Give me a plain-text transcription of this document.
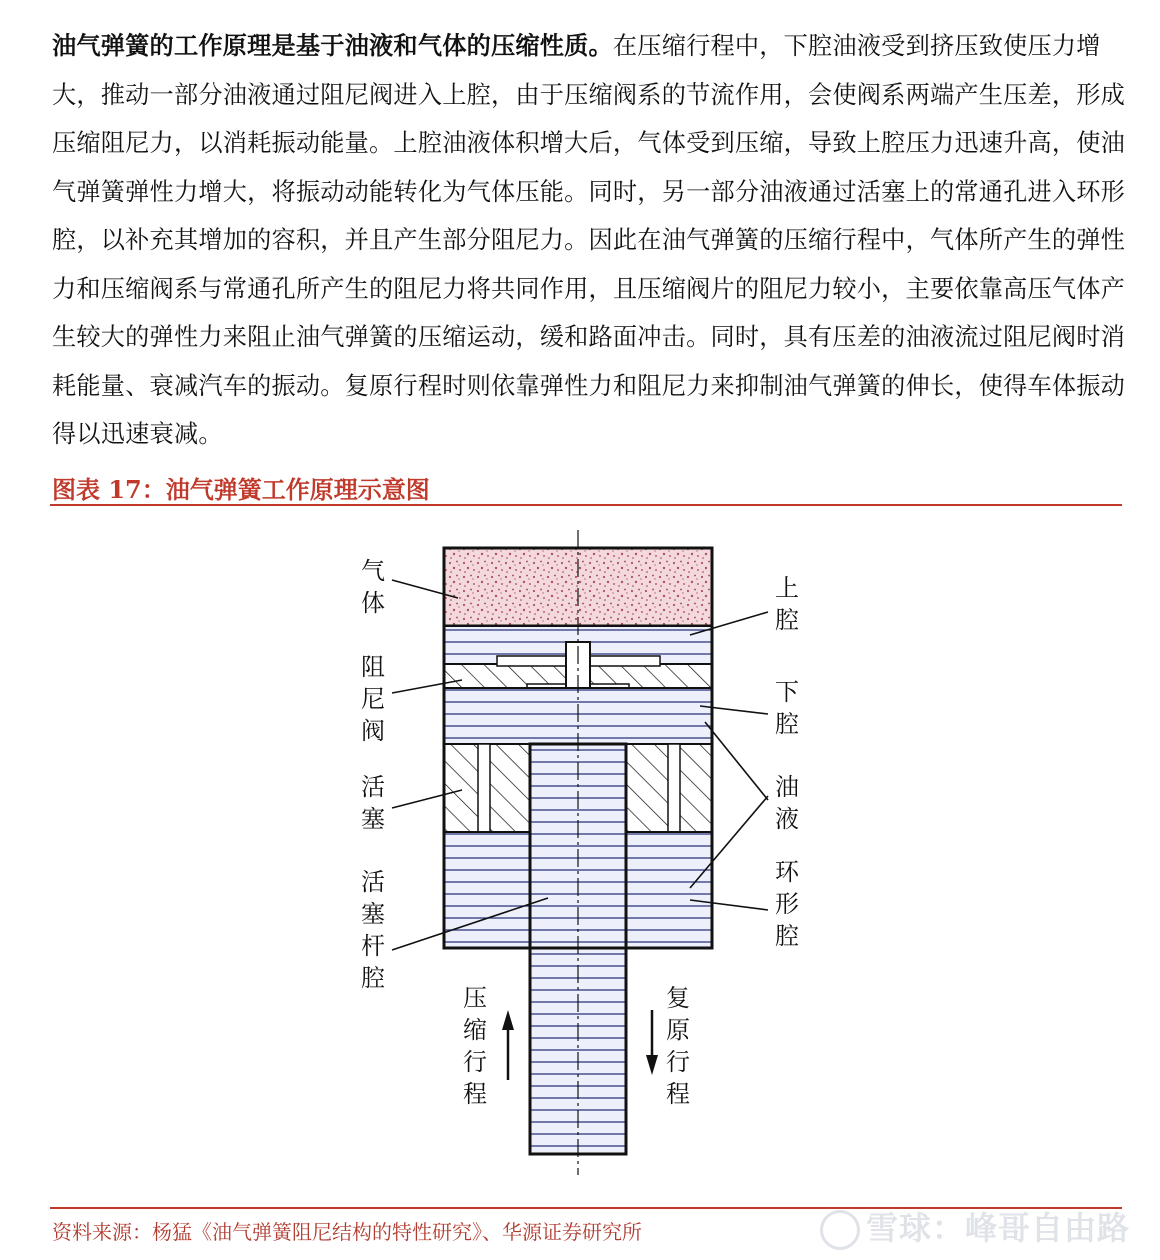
油气弹簧的工作原理是基于油液和气体的压缩性质。在压缩行程中，下腔油液受到挤压致使压力增大，推动一部分油液通过阻尼阀进入上腔，由于压缩阀系的节流作用，会使阀系两端产生压差，形成压缩阻尼力，以消耗振动能量。上腔油液体积增大后，气体受到压缩，导致上腔压力迅速升高，使油气弹簧弹性力增大，将振动动能转化为气体压能。同时，另一部分油液通过活塞上的常通孔进入环形腔，以补充其增加的容积，并且产生部分阻尼力。因此在油气弹簧的压缩行程中，气体所产生的弹性力和压缩阀系与常通孔所产生的阻尼力将共同作用，且压缩阀片的阻尼力较小，主要依靠高压气体产生较大的弹性力来阻止油气弹簧的压缩运动，缓和路面冲击。同时，具有压差的油液流过阻尼阀时消耗能量、衰减汽车的振动。复原行程时则依靠弹性力和阻尼力来抑制油气弹簧的伸长，使得车体振动得以迅速衰减。
图表 17：油气弹簧工作原理示意图
气体
阻尼阀
活塞
活塞杆腔
上腔
下腔
油液
环形腔
压缩行程
复原行程
资料来源：杨猛《油气弹簧阻尼结构的特性研究》、华源证券研究所	雪球：峰哥自由路
